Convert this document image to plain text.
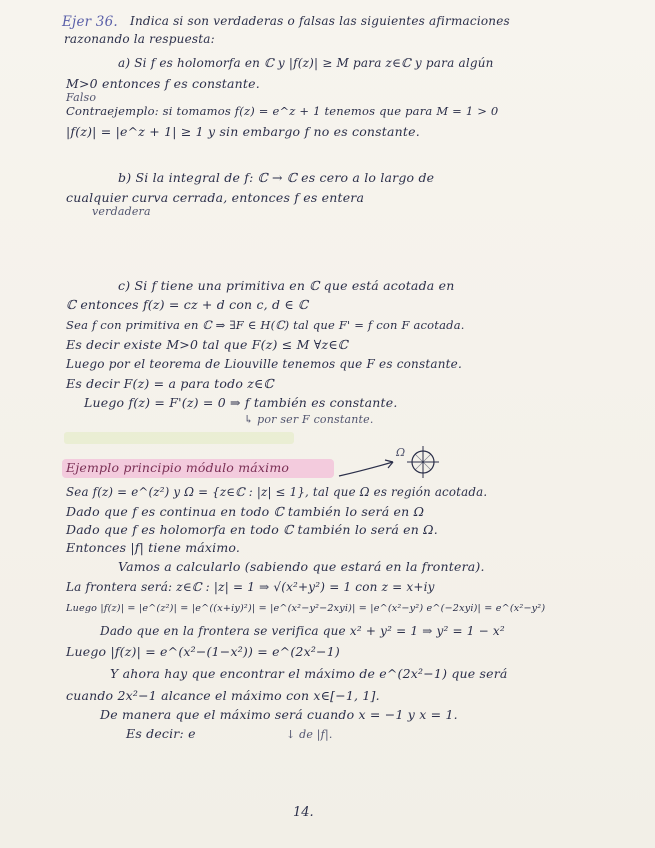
Ejer 36. Indica si son verdaderas o falsas las siguientes afirmaciones
razonando la respuesta:
a) Si f es holomorfa en ℂ y |f(z)| ≥ M para z∈ℂ y para algún
M>0 entonces f es constante.
Falso
Contraejemplo: si tomamos f(z) = e^z + 1 tenemos que para M = 1 > 0
|f(z)| = |e^z + 1| ≥ 1 y sin embargo f no es constante.
b) Si la integral de f: ℂ → ℂ es cero a lo largo de
cualquier curva cerrada, entonces f es entera
verdadera
c) Si f tiene una primitiva en ℂ que está acotada en
ℂ entonces f(z) = cz + d con c, d ∈ ℂ
Sea f con primitiva en ℂ ⇒ ∃F ∈ H(ℂ) tal que F' = f con F acotada.
Es decir existe M>0 tal que F(z) ≤ M ∀z∈ℂ
Luego por el teorema de Liouville tenemos que F es constante.
Es decir F(z) = a para todo z∈ℂ
Luego f(z) = F'(z) = 0 ⇒ f también es constante.
↳ por ser F constante.
Ejemplo principio módulo máximo
Ω
Sea f(z) = e^(z²) y Ω = {z∈ℂ : |z| ≤ 1}, tal que Ω es región acotada.
Dado que f es continua en todo ℂ también lo será en Ω
Dado que f es holomorfa en todo ℂ también lo será en Ω.
Entonces |f| tiene máximo.
Vamos a calcularlo (sabiendo que estará en la frontera).
La frontera será: z∈ℂ : |z| = 1 ⇒ √(x²+y²) = 1 con z = x+iy
Luego |f(z)| = |e^(z²)| = |e^((x+iy)²)| = |e^(x²−y²−2xyi)| = |e^(x²−y²) e^(−2xyi)| = e^(x²−y²)
Dado que en la frontera se verifica que x² + y² = 1 ⇒ y² = 1 − x²
Luego |f(z)| = e^(x²−(1−x²)) = e^(2x²−1)
Y ahora hay que encontrar el máximo de e^(2x²−1) que será
cuando 2x²−1 alcance el máximo con x∈[−1, 1].
De manera que el máximo será cuando x = −1 y x = 1.
Es decir: e	↓ de |f|.
14.
